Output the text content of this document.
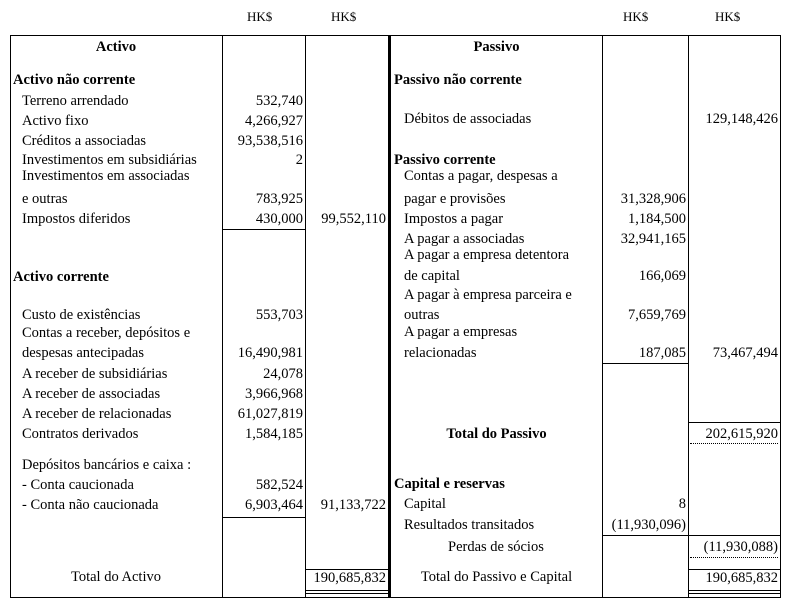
HK$	HK$	HK$	HK$
Activo
Activo não corrente
Terreno arrendado	532,740
Activo fixo	4,266,927
Créditos a associadas	93,538,516
Investimentos em subsidiárias	2
Investimentos em associadas
e outras	783,925
Impostos diferidos	430,000 99,552,110
Activo corrente
Custo de existências	553,703
Contas a receber, depósitos e
despesas antecipadas	16,490,981
A receber de subsidiárias	24,078
A receber de associadas	3,966,968
A receber de relacionadas	61,027,819
Contratos derivados	1,584,185
Depósitos bancários e caixa :
- Conta caucionada	582,524
- Conta não caucionada	6,903,464 91,133,722
Total do Activo	190,685,832
Passivo
Passivo não corrente
Débitos de associadas	129,148,426
Passivo corrente
Contas a pagar, despesas a
pagar e provisões	31,328,906
Impostos a pagar	1,184,500
A pagar a associadas	32,941,165
A pagar a empresa detentora
de capital	166,069
A pagar à empresa parceira e
outras	7,659,769
A pagar a empresas
relacionadas	187,085 73,467,494
Total do Passivo	202,615,920
Capital e reservas
Capital	8
Resultados transitados	(11,930,096)
Perdas de sócios	(11,930,088)
Total do Passivo e Capital	190,685,832
